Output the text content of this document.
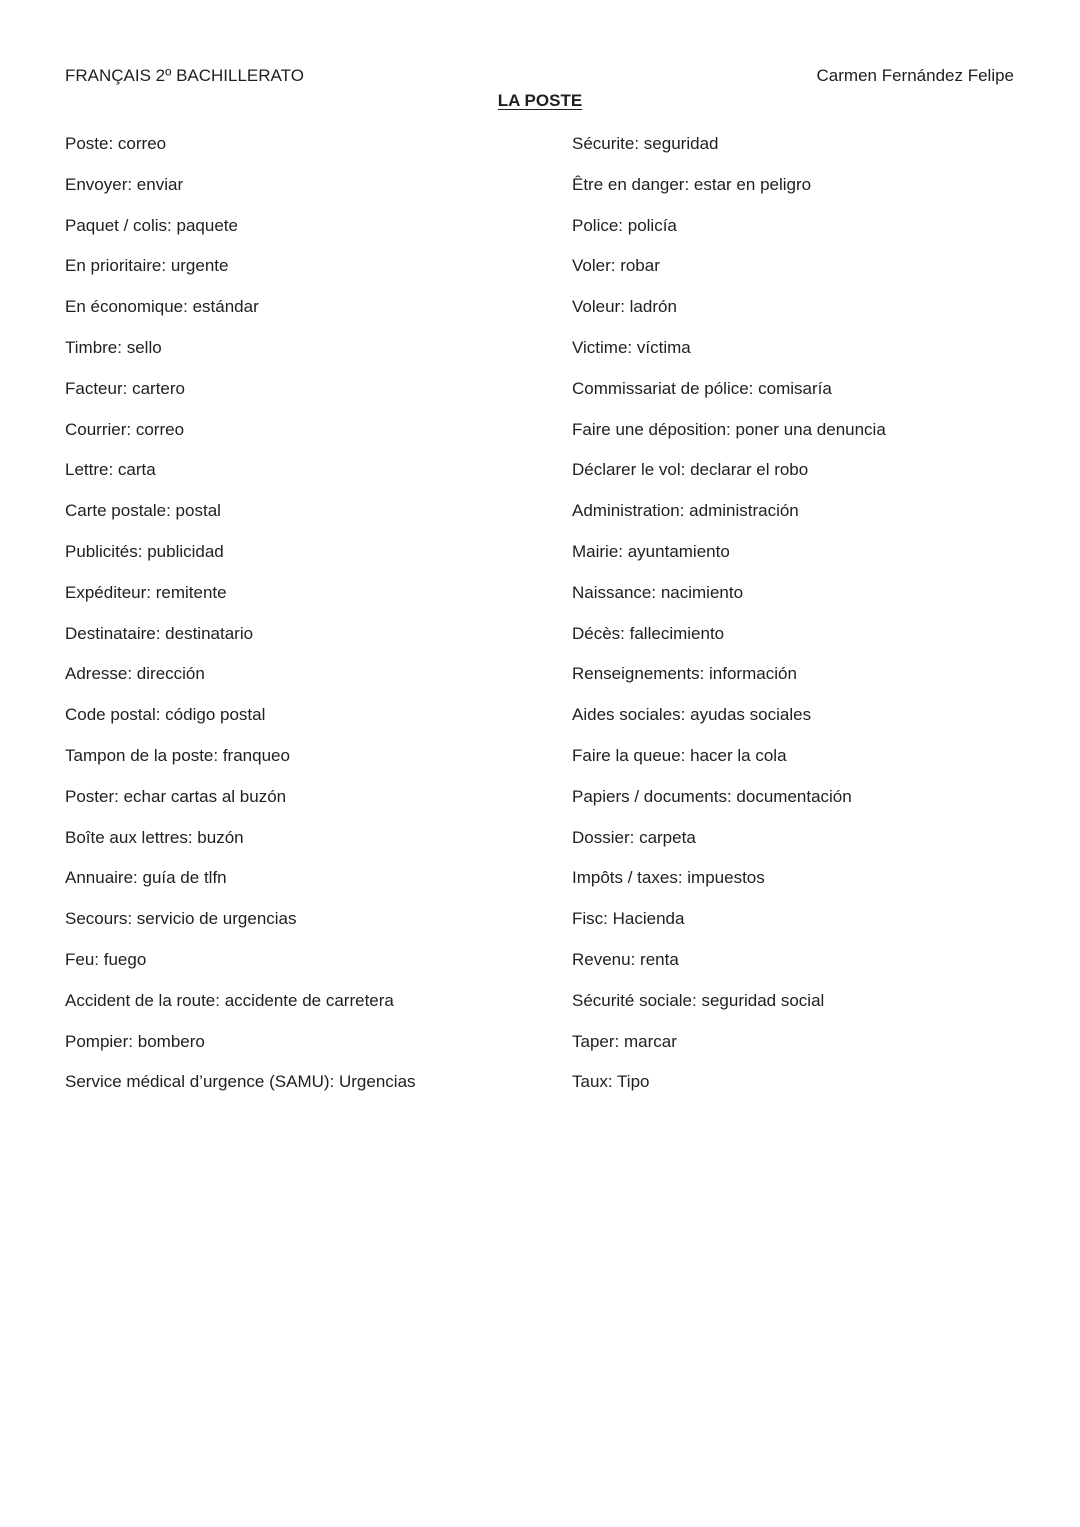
FRANÇAIS 2º BACHILLERATO	Carmen Fernández Felipe
LA POSTE
Poste: correo
Envoyer: enviar
Paquet / colis: paquete
En prioritaire: urgente
En économique: estándar
Timbre: sello
Facteur: cartero
Courrier: correo
Lettre: carta
Carte postale: postal
Publicités: publicidad
Expéditeur: remitente
Destinataire: destinatario
Adresse: dirección
Code postal: código postal
Tampon de la poste: franqueo
Poster: echar cartas al buzón
Boîte aux lettres: buzón
Annuaire: guía de tlfn
Secours: servicio de urgencias
Feu: fuego
Accident de la route: accidente de carretera
Pompier: bombero
Service médical d’urgence (SAMU): Urgencias
Sécurite: seguridad
Être en danger: estar en peligro
Police: policía
Voler: robar
Voleur: ladrón
Victime: víctima
Commissariat de pólice: comisaría
Faire une déposition: poner una denuncia
Déclarer le vol: declarar el robo
Administration: administración
Mairie: ayuntamiento
Naissance: nacimiento
Décès: fallecimiento
Renseignements: información
Aides sociales: ayudas sociales
Faire la queue: hacer la cola
Papiers / documents: documentación
Dossier: carpeta
Impôts / taxes: impuestos
Fisc: Hacienda
Revenu: renta
Sécurité sociale: seguridad social
Taper: marcar
Taux: Tipo
